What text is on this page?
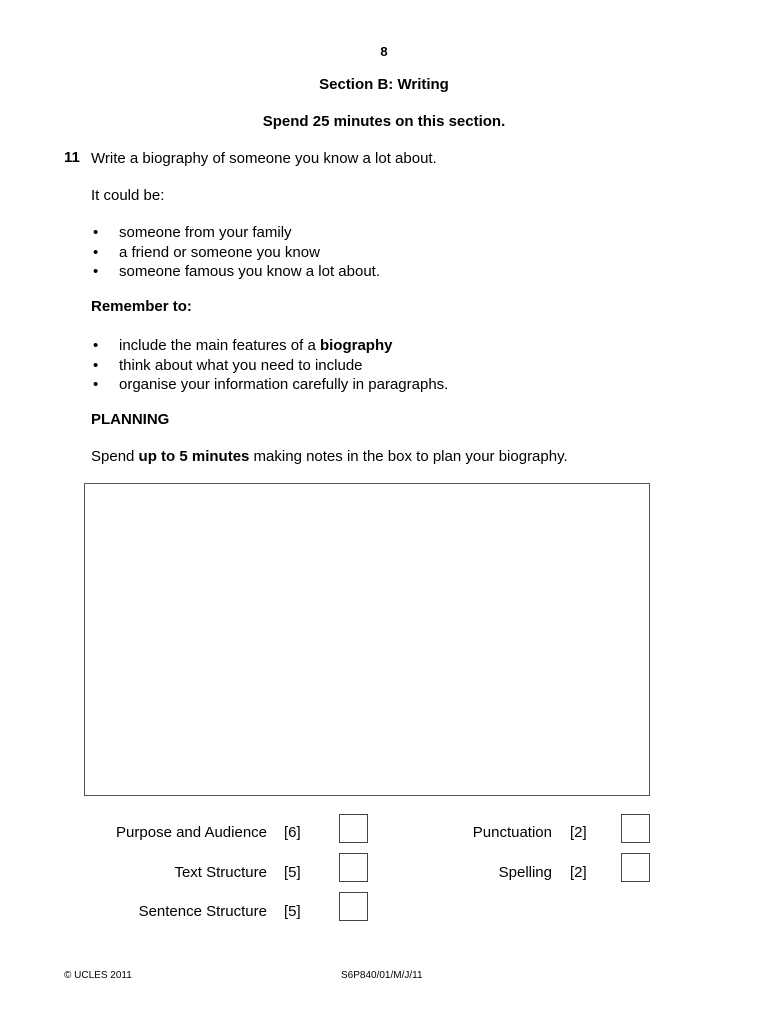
8
Section B: Writing
Spend 25 minutes on this section.
11 Write a biography of someone you know a lot about.
It could be:
• someone from your family
• a friend or someone you know
• someone famous you know a lot about.
Remember to:
• include the main features of a biography
• think about what you need to include
• organise your information carefully in paragraphs.
PLANNING
Spend up to 5 minutes making notes in the box to plan your biography.
Purpose and Audience [6]
Text Structure [5]
Sentence Structure [5]
Punctuation [2]
Spelling [2]
© UCLES 2011	S6P840/01/M/J/11
